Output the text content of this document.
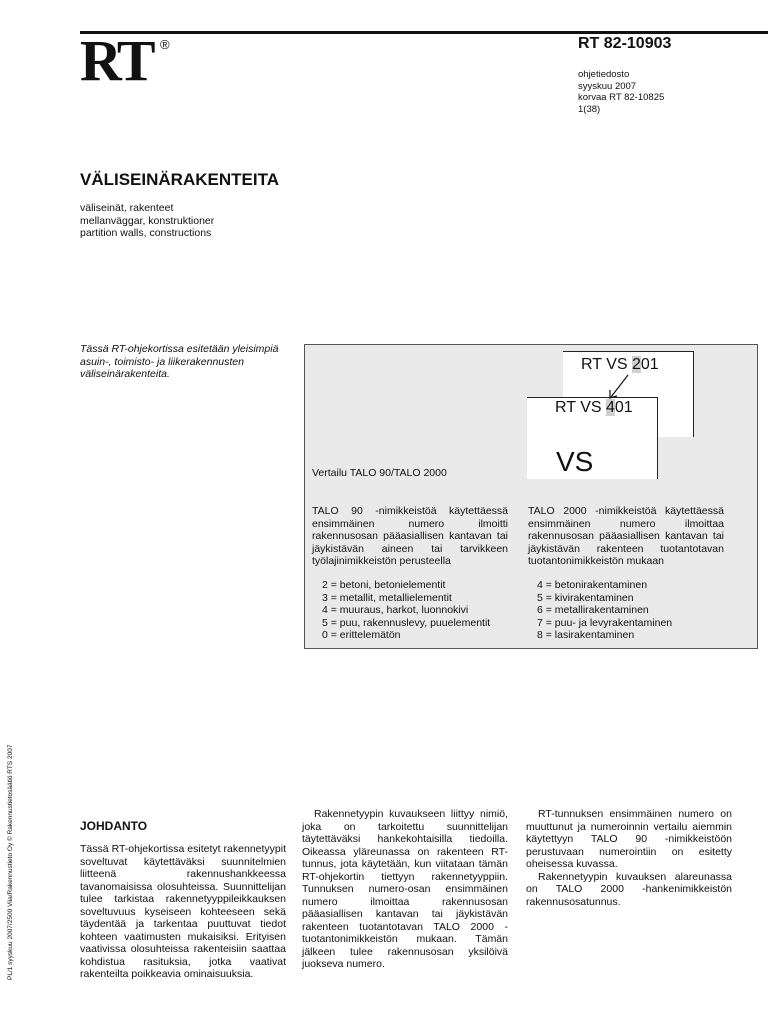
RT ®	RT 82-10903
ohjetiedosto
syyskuu 2007
korvaa RT 82-10825
1(38)
VÄLISEINÄRAKENTEITA
väliseinät, rakenteet
mellanväggar, konstruktioner
partition walls, constructions
Tässä RT-ohjekortissa esitetään yleisimpiä asuin-, toimisto- ja liikerakennusten väliseinärakenteita.
RT VS 201
RT VS 401
VS
Vertailu TALO 90/TALO 2000
TALO 90 -nimikkeistöä käytettäessä ensimmäinen numero ilmoitti rakennusosan pääasiallisen kantavan tai jäykistävän aineen tai tarvikkeen työlajinimikkeistön perusteella
TALO 2000 -nimikkeistöä käytettäessä ensimmäinen numero ilmoittaa rakennusosan pääasiallisen kantavan tai jäykistävän rakenteen tuotantotavan tuotantonimikkeistön mukaan
2 = betoni, betonielementit
3 = metallit, metallielementit
4 = muuraus, harkot, luonnokivi
5 = puu, rakennuslevy, puuelementit
0 = erittelemätön
4 = betonirakentaminen
5 = kivirakentaminen
6 = metallirakentaminen
7 = puu- ja levyrakentaminen
8 = lasirakentaminen
PL/1 syyskuu 2007/2500 Viia/Rakennustieto Oy © Rakennustietosäätiö RTS 2007	JOHDANTO

Tässä RT-ohjekortissa esitetyt rakennetyypit soveltuvat käytettäväksi suunnitelmien liitteenä rakennushankkeessa tavanomaisissa olosuhteissa. Suunnittelijan tulee tarkistaa rakennetyyppileikkauksen soveltuvuus kyseiseen kohteeseen sekä täydentää ja tarkentaa puuttuvat tiedot kohteen vaatimusten mukaisiksi. Erityisen vaativissa olosuhteissa rakenteisiin saattaa kohdistua rasituksia, jotka vaativat rakenteilta poikkeavia ominaisuuksia.

Rakennetyypin kuvaukseen liittyy nimiö, joka on tarkoitettu suunnittelijan täytettäväksi hankekohtaisilla tiedoilla. Oikeassa yläreunassa on rakenteen RT-tunnus, jota käytetään, kun viitataan tämän RT-ohjekortin tiettyyn rakennetyyppiin. Tunnuksen numero-osan ensimmäinen numero ilmoittaa rakennusosan pääasiallisen kantavan tai jäykistävän rakenteen tuotantotavan TALO 2000 -tuotantonimikkeistön mukaan. Tämän jälkeen tulee rakennusosan yksilöivä juokseva numero.

RT-tunnuksen ensimmäinen numero on muuttunut ja numeroinnin vertailu aiemmin käytettyyn TALO 90 -nimikkeistöön perustuvaan numerointiin on esitetty oheisessa kuvassa.

Rakennetyypin kuvauksen alareunassa on TALO 2000 -hankenimikkeistön rakennusosatunnus.
